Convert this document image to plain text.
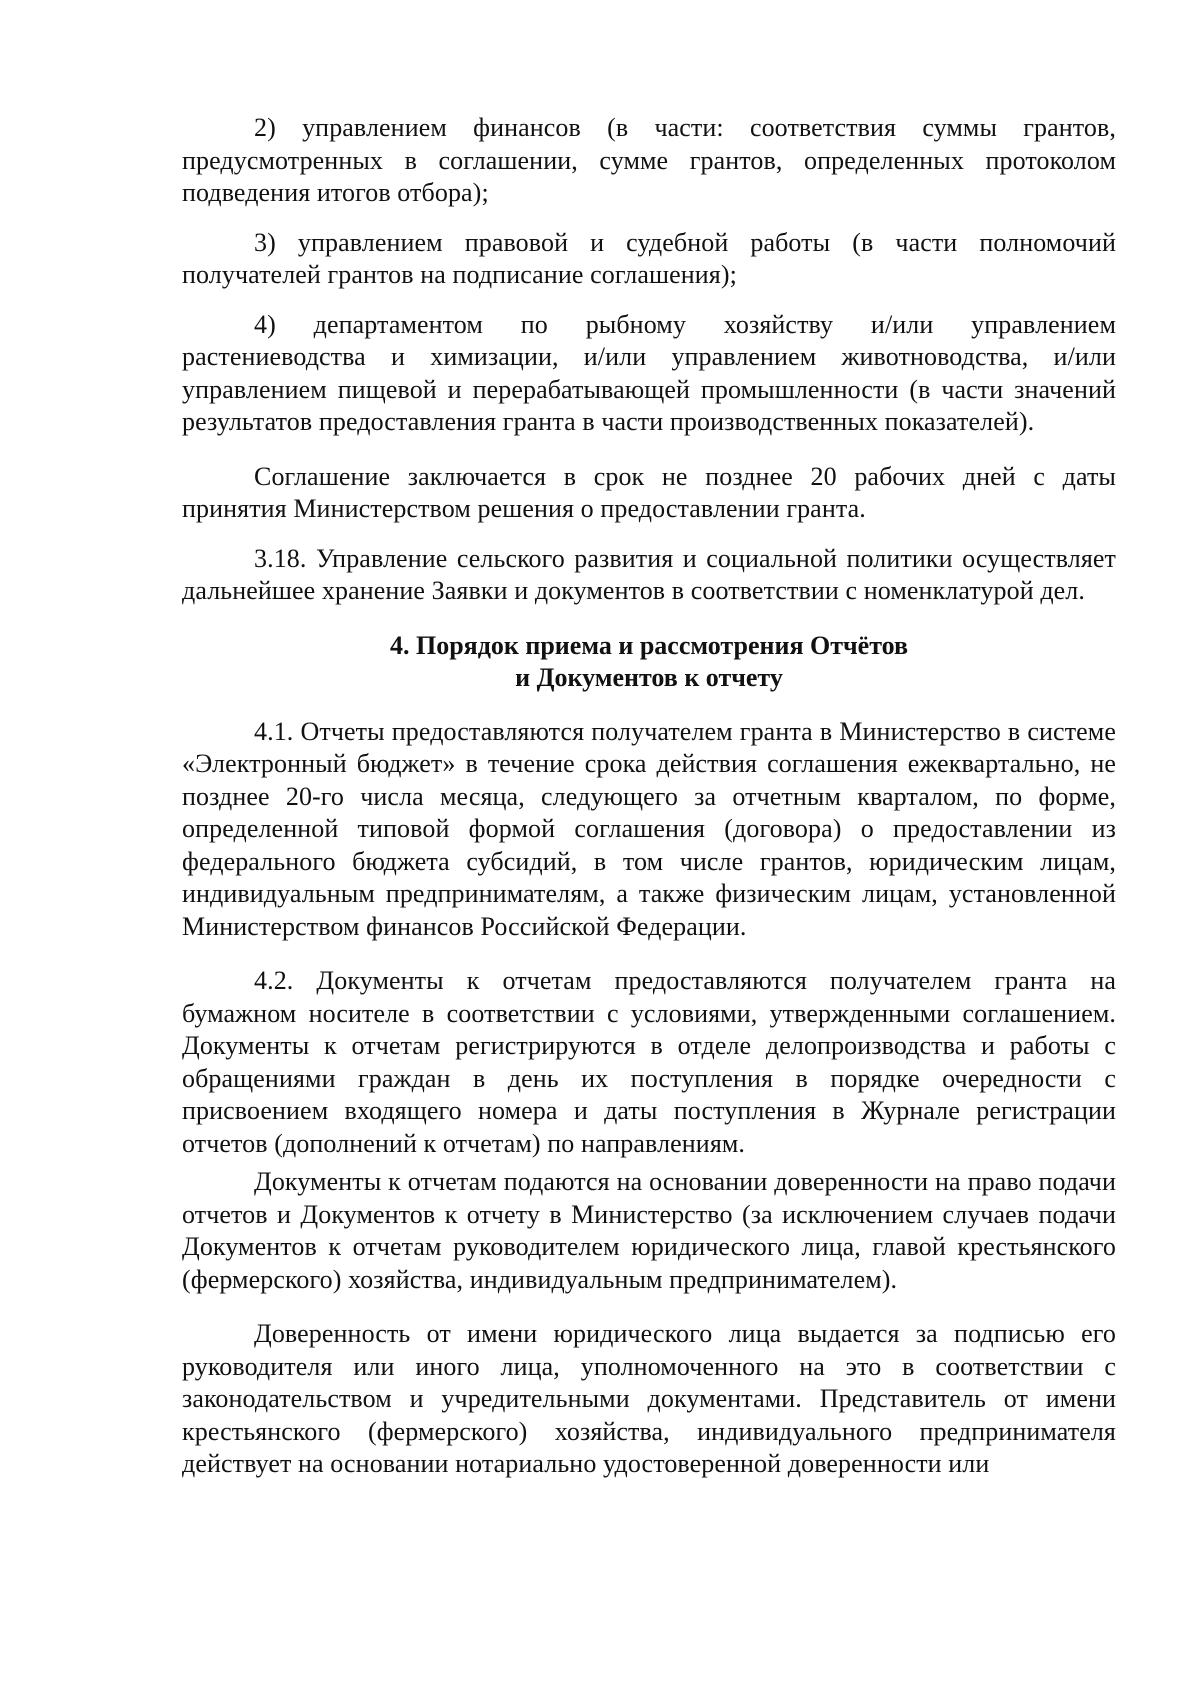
2) управлением финансов (в части: соответствия суммы грантов, предусмотренных в соглашении, сумме грантов, определенных протоколом подведения итогов отбора);

3) управлением правовой и судебной работы (в части полномочий получателей грантов на подписание соглашения);

4) департаментом по рыбному хозяйству и/или управлением растениеводства и химизации, и/или управлением животноводства, и/или управлением пищевой и перерабатывающей промышленности (в части значений результатов предоставления гранта в части производственных показателей).

Соглашение заключается в срок не позднее 20 рабочих дней с даты принятия Министерством решения о предоставлении гранта.

3.18. Управление сельского развития и социальной политики осуществляет дальнейшее хранение Заявки и документов в соответствии с номенклатурой дел.

4. Порядок приема и рассмотрения Отчётов
и Документов к отчету

4.1. Отчеты предоставляются получателем гранта в Министерство в системе «Электронный бюджет» в течение срока действия соглашения ежеквартально, не позднее 20-го числа месяца, следующего за отчетным кварталом, по форме, определенной типовой формой соглашения (договора) о предоставлении из федерального бюджета субсидий, в том числе грантов, юридическим лицам, индивидуальным предпринимателям, а также физическим лицам, установленной Министерством финансов Российской Федерации.

4.2. Документы к отчетам предоставляются получателем гранта на бумажном носителе в соответствии с условиями, утвержденными соглашением. Документы к отчетам регистрируются в отделе делопроизводства и работы с обращениями граждан в день их поступления в порядке очередности с присвоением входящего номера и даты поступления в Журнале регистрации отчетов (дополнений к отчетам) по направлениям.

Документы к отчетам подаются на основании доверенности на право подачи отчетов и Документов к отчету в Министерство (за исключением случаев подачи Документов к отчетам руководителем юридического лица, главой крестьянского (фермерского) хозяйства, индивидуальным предпринимателем).

Доверенность от имени юридического лица выдается за подписью его руководителя или иного лица, уполномоченного на это в соответствии с законодательством и учредительными документами. Представитель от имени крестьянского (фермерского) хозяйства, индивидуального предпринимателя действует на основании нотариально удостоверенной доверенности или
